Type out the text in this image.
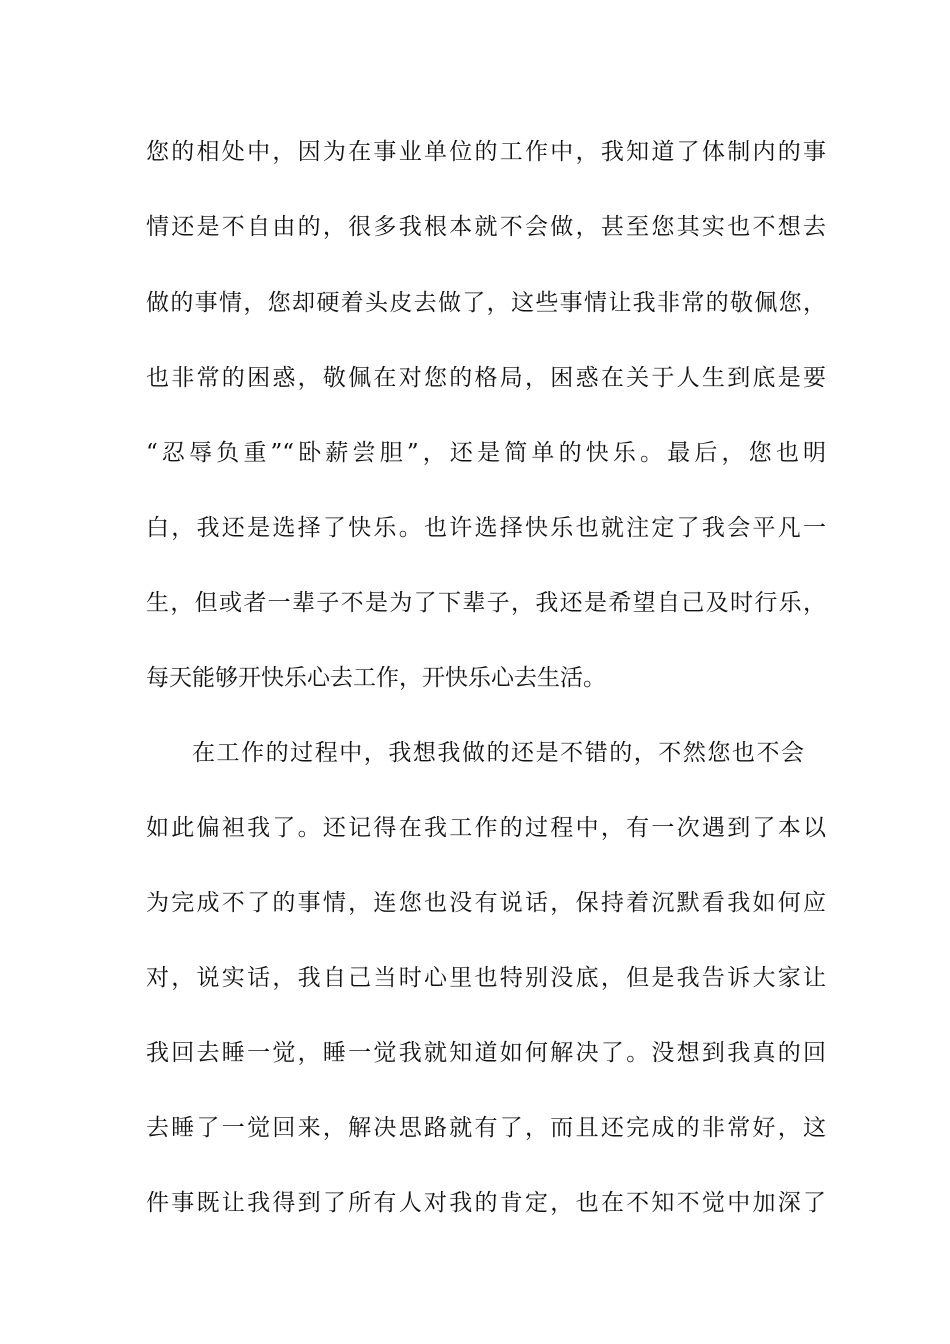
您的相处中，因为在事业单位的工作中，我知道了体制内的事
情还是不自由的，很多我根本就不会做，甚至您其实也不想去
做的事情，您却硬着头皮去做了，这些事情让我非常的敬佩您，
也非常的困惑，敬佩在对您的格局，困惑在关于人生到底是要
“忍辱负重”“卧薪尝胆”，还是简单的快乐。最后，您也明
白，我还是选择了快乐。也许选择快乐也就注定了我会平凡一
生，但或者一辈子不是为了下辈子，我还是希望自己及时行乐，
每天能够开快乐心去工作，开快乐心去生活。
在工作的过程中，我想我做的还是不错的，不然您也不会
如此偏袒我了。还记得在我工作的过程中，有一次遇到了本以
为完成不了的事情，连您也没有说话，保持着沉默看我如何应
对，说实话，我自己当时心里也特别没底，但是我告诉大家让
我回去睡一觉，睡一觉我就知道如何解决了。没想到我真的回
去睡了一觉回来，解决思路就有了，而且还完成的非常好，这
件事既让我得到了所有人对我的肯定，也在不知不觉中加深了
